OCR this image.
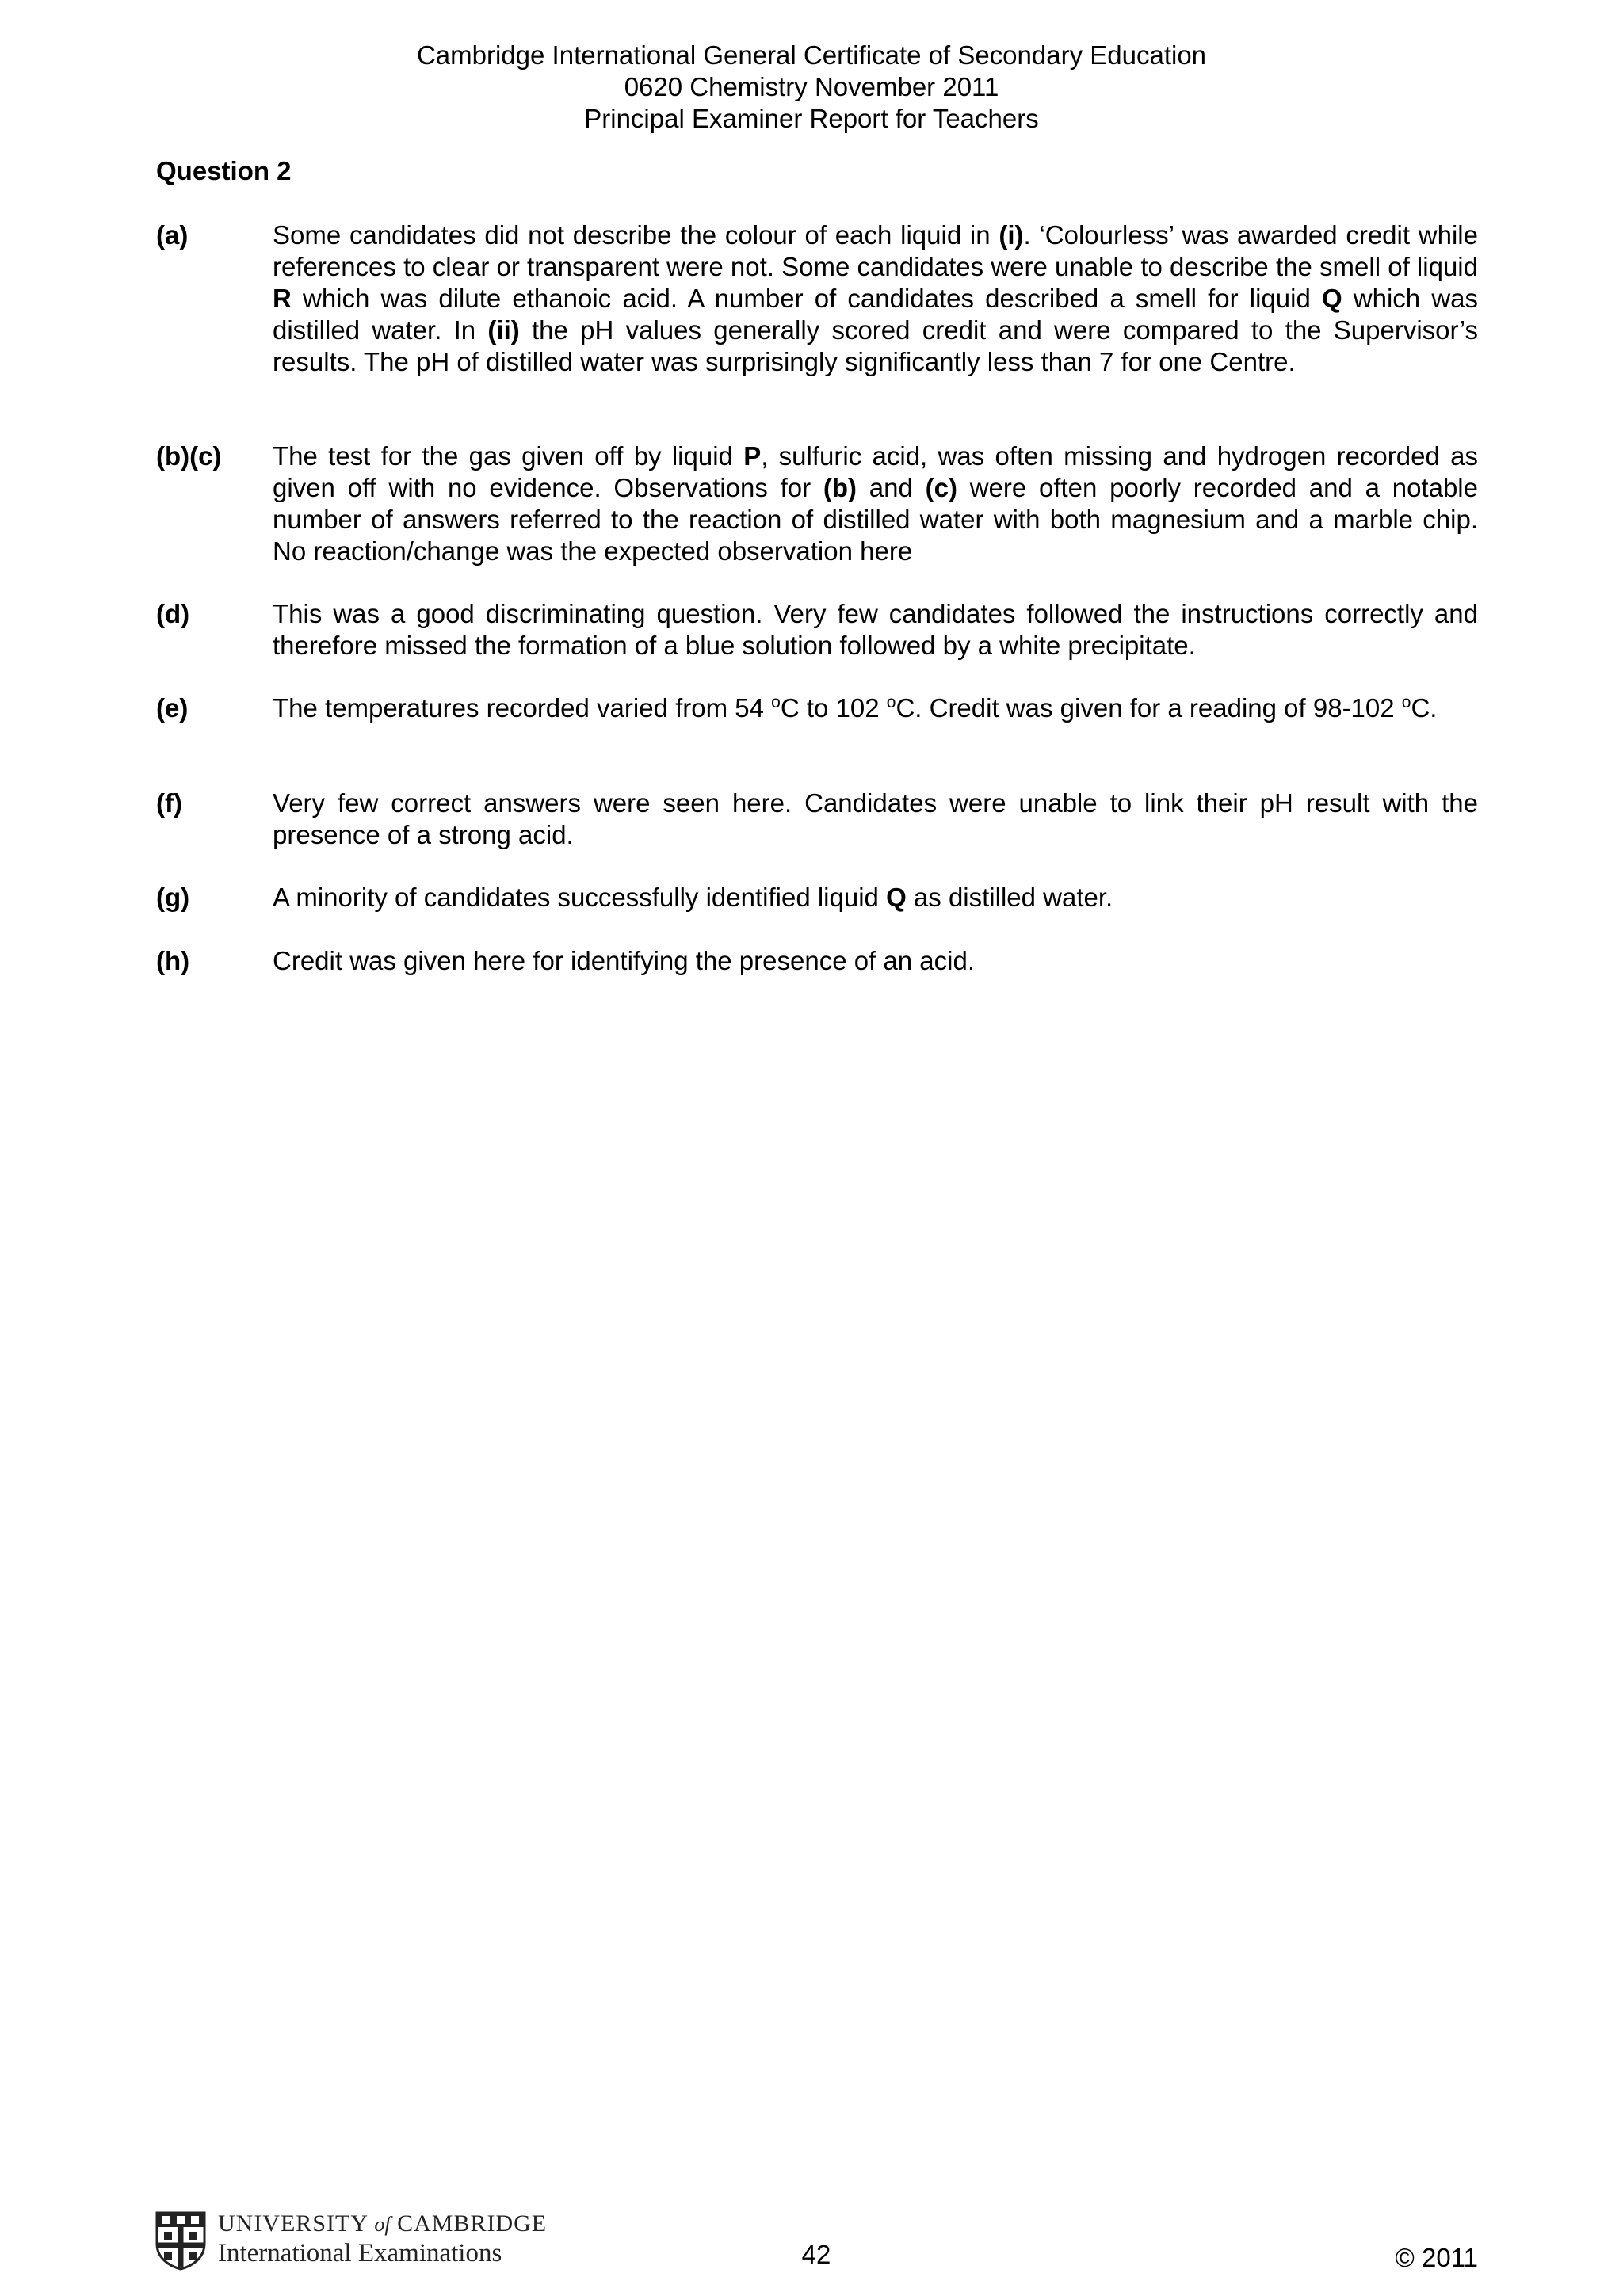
Cambridge International General Certificate of Secondary Education
0620 Chemistry November 2011
Principal Examiner Report for Teachers
Question 2
(a)	Some candidates did not describe the colour of each liquid in (i). ‘Colourless’ was awarded credit while references to clear or transparent were not. Some candidates were unable to describe the smell of liquid R which was dilute ethanoic acid. A number of candidates described a smell for liquid Q which was distilled water. In (ii) the pH values generally scored credit and were compared to the Supervisor’s results. The pH of distilled water was surprisingly significantly less than 7 for one Centre.
(b)(c) The test for the gas given off by liquid P, sulfuric acid, was often missing and hydrogen recorded as given off with no evidence. Observations for (b) and (c) were often poorly recorded and a notable number of answers referred to the reaction of distilled water with both magnesium and a marble chip. No reaction/change was the expected observation here
(d)	This was a good discriminating question. Very few candidates followed the instructions correctly and therefore missed the formation of a blue solution followed by a white precipitate.
(e)	The temperatures recorded varied from 54 $^o$C to 102 $^o$C. Credit was given for a reading of 98-102 $^o$C.
(f)	Very few correct answers were seen here. Candidates were unable to link their pH result with the presence of a strong acid.
(g)	A minority of candidates successfully identified liquid Q as distilled water.
(h)	Credit was given here for identifying the presence of an acid.
UNIVERSITY of CAMBRIDGE
International Examinations	42	© 2011
